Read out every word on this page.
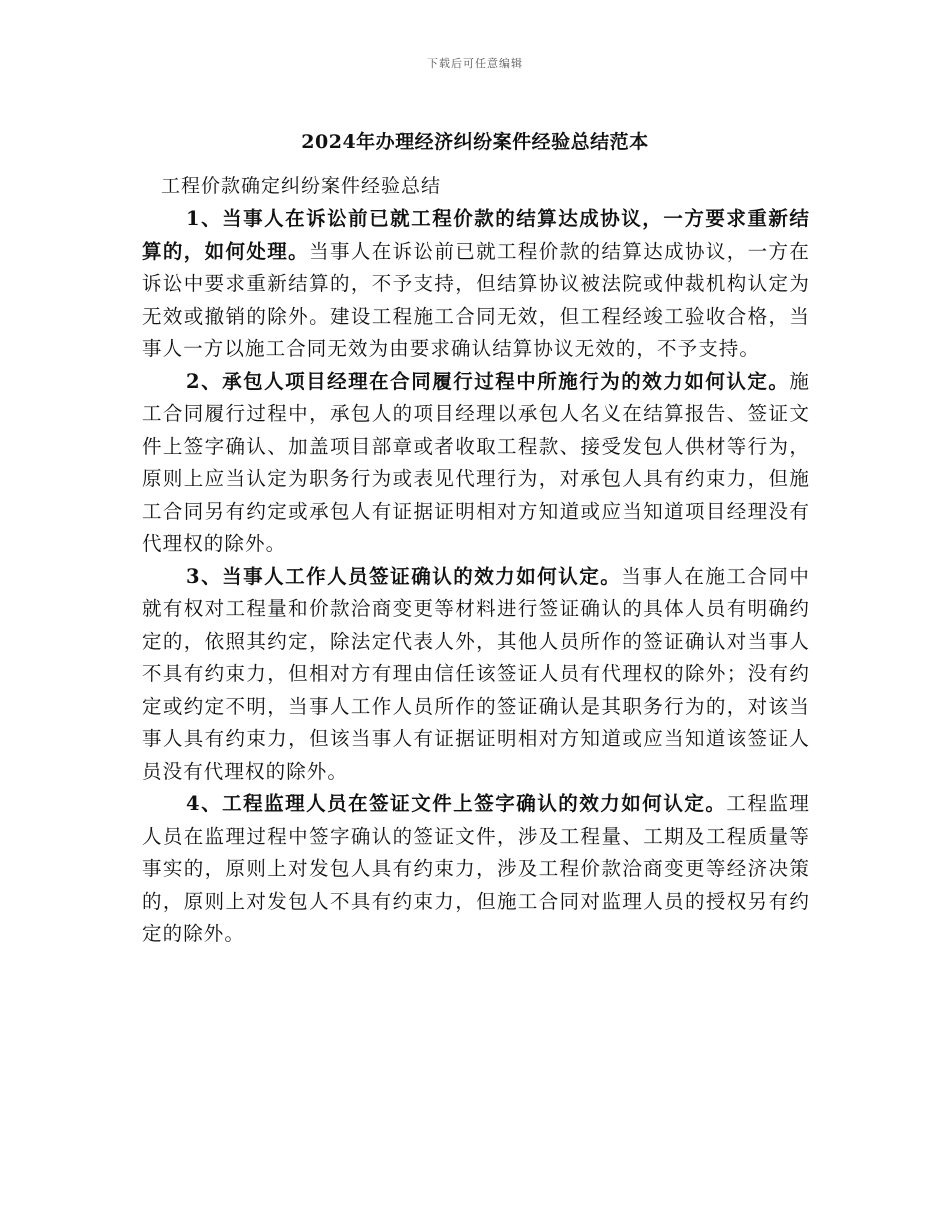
下载后可任意编辑
2024年办理经济纠纷案件经验总结范本

工程价款确定纠纷案件经验总结

1、当事人在诉讼前已就工程价款的结算达成协议，一方要求重新结算的，如何处理。当事人在诉讼前已就工程价款的结算达成协议，一方在诉讼中要求重新结算的，不予支持，但结算协议被法院或仲裁机构认定为无效或撤销的除外。建设工程施工合同无效，但工程经竣工验收合格，当事人一方以施工合同无效为由要求确认结算协议无效的，不予支持。

2、承包人项目经理在合同履行过程中所施行为的效力如何认定。施工合同履行过程中，承包人的项目经理以承包人名义在结算报告、签证文件上签字确认、加盖项目部章或者收取工程款、接受发包人供材等行为，原则上应当认定为职务行为或表见代理行为，对承包人具有约束力，但施工合同另有约定或承包人有证据证明相对方知道或应当知道项目经理没有代理权的除外。

3、当事人工作人员签证确认的效力如何认定。当事人在施工合同中就有权对工程量和价款洽商变更等材料进行签证确认的具体人员有明确约定的，依照其约定，除法定代表人外，其他人员所作的签证确认对当事人不具有约束力，但相对方有理由信任该签证人员有代理权的除外；没有约定或约定不明，当事人工作人员所作的签证确认是其职务行为的，对该当事人具有约束力，但该当事人有证据证明相对方知道或应当知道该签证人员没有代理权的除外。

4、工程监理人员在签证文件上签字确认的效力如何认定。工程监理人员在监理过程中签字确认的签证文件，涉及工程量、工期及工程质量等事实的，原则上对发包人具有约束力，涉及工程价款洽商变更等经济决策的，原则上对发包人不具有约束力，但施工合同对监理人员的授权另有约定的除外。
